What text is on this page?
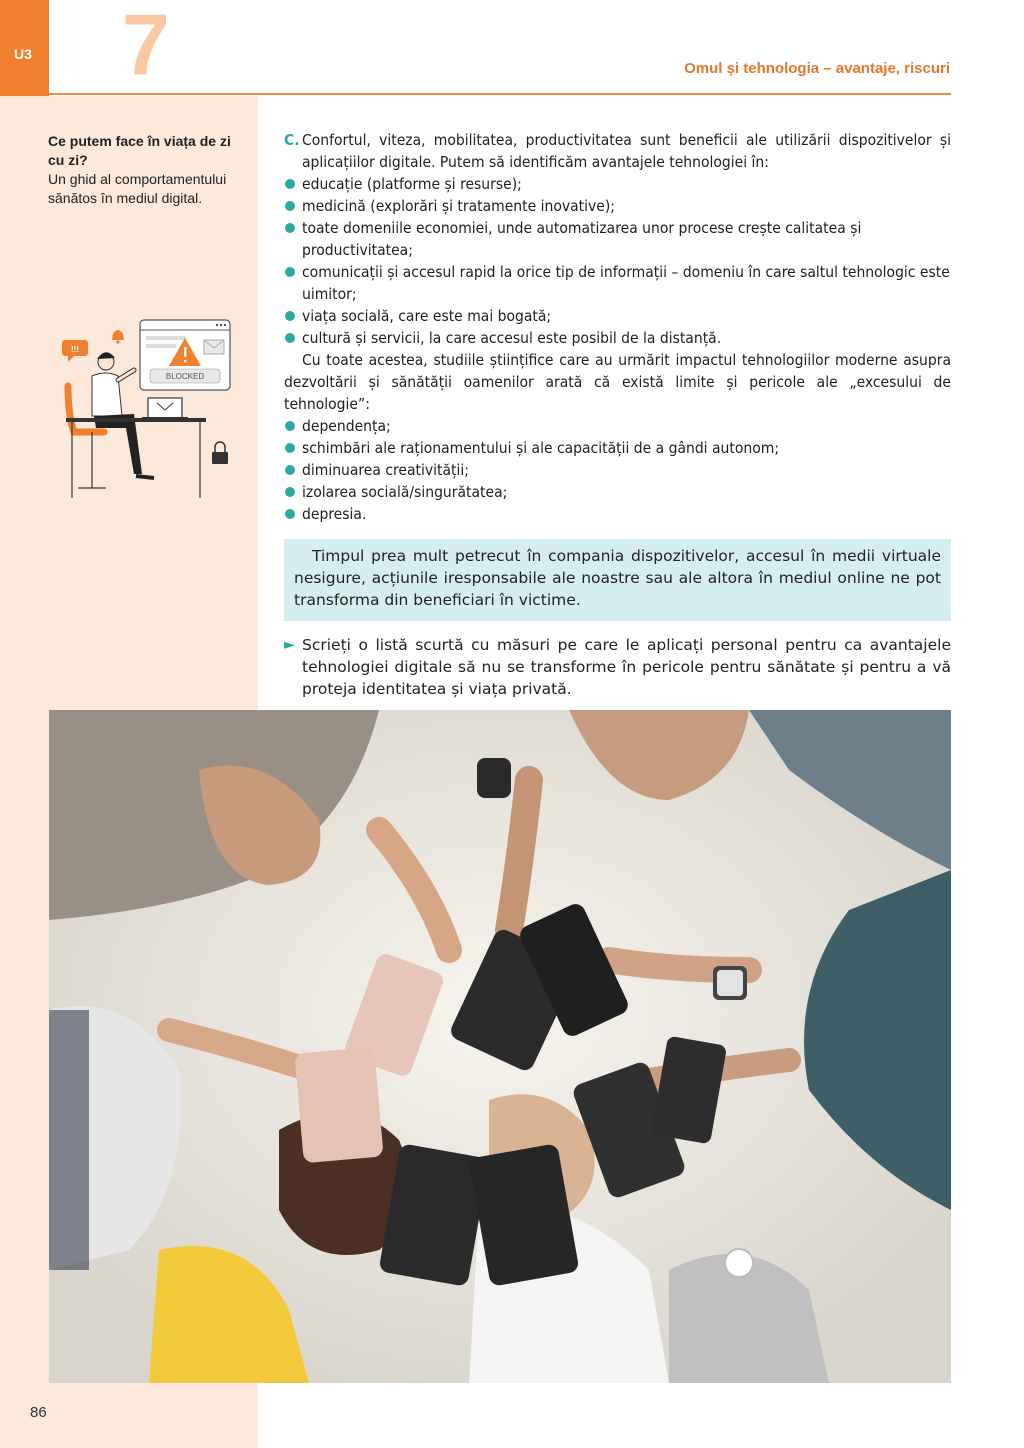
U3 7	Omul și tehnologia – avantaje, riscuri
Ce putem face în viața de zi cu zi?
Un ghid al comportamentului sănătos în mediul digital.
BLOCKED
!!!
C. Confortul, viteza, mobilitatea, productivitatea sunt beneficii ale utilizării dispozitivelor și aplicațiilor digitale. Putem să identificăm avantajele tehnologiei în:

educație (platforme și resurse);
medicină (explorări și tratamente inovative);
toate domeniile economiei, unde automatizarea unor procese crește calitatea și productivitatea;
comunicații și accesul rapid la orice tip de informații – domeniu în care saltul tehnologic este uimitor;
viața socială, care este mai bogată;
cultură și servicii, la care accesul este posibil de la distanță.

Cu toate acestea, studiile științifice care au urmărit impactul tehnologiilor moderne asupra dezvoltării și sănătății oamenilor arată că există limite și pericole ale „excesului de tehnologie”:

dependența;
schimbări ale raționamentului și ale capacității de a gândi autonom;
diminuarea creativității;
izolarea socială/singurătatea;
depresia.
Timpul prea mult petrecut în compania dispozitivelor, accesul în medii virtuale nesigure, acțiunile iresponsabile ale noastre sau ale altora în mediul online ne pot transforma din beneficiari în victime.
► Scrieți o listă scurtă cu măsuri pe care le aplicați personal pentru ca avantajele tehnologiei digitale să nu se transforme în pericole pentru sănătate și pentru a vă proteja identitatea și viața privată.
86
